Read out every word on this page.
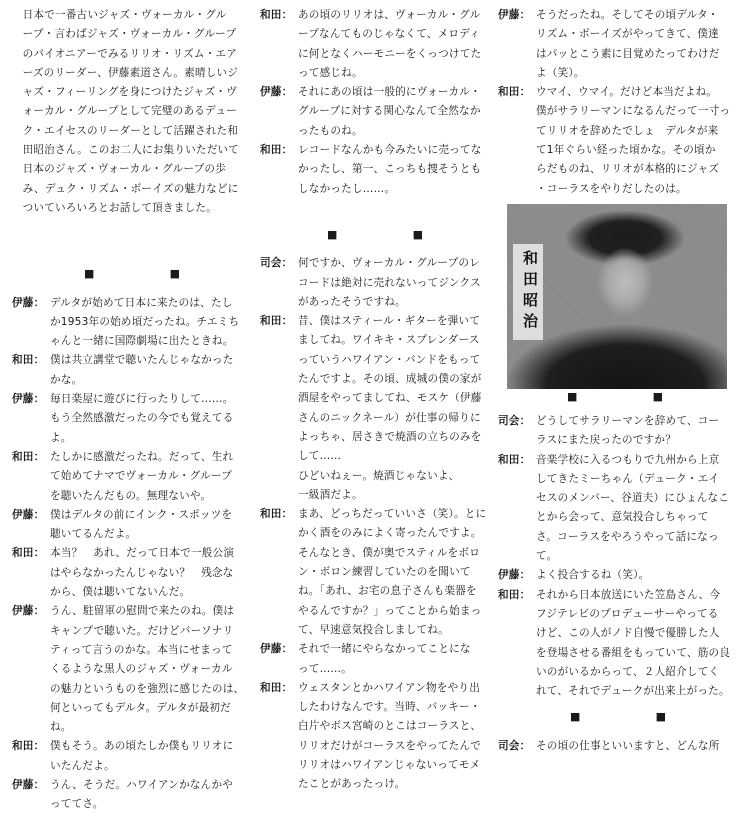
日本で一番古いジャズ・ヴォーカル・グル
ープ・言わばジャズ・ヴォーカル・グループ
のパイオニアーでみるリリオ・リズム・エア
ーズのリーダー、伊藤素道さん。素晴しいジ
ャズ・フィーリングを身につけたジャズ・ヴ
ォーカル・グループとして完璧のあるデュー
ク・エイセスのリーダーとして活躍された和
田昭治さん。このお二人にお集りいただいて
日本のジャズ・ヴォーカル・グループの歩
み、デュク・リズム・ボーイズの魅力などに
ついていろいろとお話して頂きました。
■	■
伊藤： デルタが始めて日本に来たのは、たし
か1953年の始め頃だったね。チエミち
ゃんと一緒に国際劇場に出たときね。
和田： 僕は共立講堂で聴いたんじゃなかった
かな。
伊藤： 毎日楽屋に遊びに行ったりして……。
もう全然感激だったの今でも覚えてる
よ。
和田： たしかに感激だったね。だって、生れ
て始めてナマでヴォーカル・グループ
を聴いたんだもの。無理ないや。
伊藤： 僕はデルタの前にインク・スポッツを
聴いてるんだよ。
和田： 本当？　あれ、だって日本で一般公演
はやらなかったんじゃない？　残念な
から、僕は聴いてないんだ。
伊藤： うん、駐留軍の慰問で来たのね。僕は
キャンプで聴いた。だけどバーソナリ
ティって言うのかな。本当にせまって
くるような黒人のジャズ・ヴォーカル
の魅力というものを強烈に感じたのは、
何といってもデルタ。デルタが最初だ
ね。
和田： 僕もそう。あの頃たしか僕もリリオに
いたんだよ。
伊藤： うん、そうだ。ハワイアンかなんかや
っててさ。
和田： あの頃のリリオは、ヴォーカル・グル
ープなんてものじゃなくて、メロディ
に何となくハーモニーをくっつけてた
って感じね。
伊藤： それにあの頃は一般的にヴォーカル・
グループに対する関心なんて全然なか
ったものね。
和田： レコードなんかも今みたいに売ってな
かったし、第一、こっちも捜そうとも
しなかったし……。
■	■
司会： 何ですか、ヴォーカル・グループのレ
コードは絶対に売れないってジンクス
があったそうですね。
和田： 昔、僕はスティール・ギターを弾いて
ましてね。ワイキキ・スプレンダース
っていうハワイアン・バンドをもって
たんですよ。その頃、成城の僕の家が
酒屋をやってましてね、モスケ（伊藤
さんのニックネール）が仕事の帰りに
よっちゃ、居さきで焼酒の立ちのみを
して……
ひどいねぇー。焼酒じゃないよ、
一級酒だよ。
和田： まあ、どっちだっていいさ（笑）。とに
かく酒をのみによく寄ったんですよ。
そんなとき、僕が奥でスティルをボロ
ン・ボロン練習していたのを聞いて
ね。「あれ、お宅の息子さんも楽器を
やるんですか？」ってことから始まっ
て、早速意気投合しましてね。
伊藤： それで一緒にやらなかってことにな
って……。
和田： ウェスタンとかハワイアン物をやり出
したわけなんです。当時、バッキー・
白片やボス宮崎のとこはコーラスと、
リリオだけがコーラスをやってたんで
リリオはハワイアンじゃないってモメ
たことがあったっけ。
伊藤： そうだったね。そしてその頃デルタ・
リズム・ボーイズがやってきて、僕達
はパッとこう素に目覚めたってわけだ
よ（笑）。
和田： ウマイ、ウマイ。だけど本当だよね。
僕がサラリーマンになるんだって一寸っ
てリリオを辞めたでしょ　デルタが来
て1年ぐらい経った頃かな。その頃か
らだものね、リリオが本格的にジャズ
・コーラスをやりだしたのは。
和田昭治
■	■
司会： どうしてサラリーマンを辞めて、コー
ラスにまた戻ったのですか？
和田： 音楽学校に入るつもりで九州から上京
してきたミーちゃん（デューク・エイ
セスのメンバー、谷道夫）にひょんなこ
とから会って、意気投合しちゃって
さ。コーラスをやろうやって話になっ
て。
伊藤： よく投合するね（笑）。
和田： それから日本放送にいた笠島さん、今
フジテレビのプロデューサーやってる
けど、この人がノド自慢で優勝した人
を登場させる番組をもっていて、筋の良
いのがいるからって、２人紹介してく
れて、それでデュークが出来上がった。
■	■
司会： その頃の仕事といいますと、どんな所
